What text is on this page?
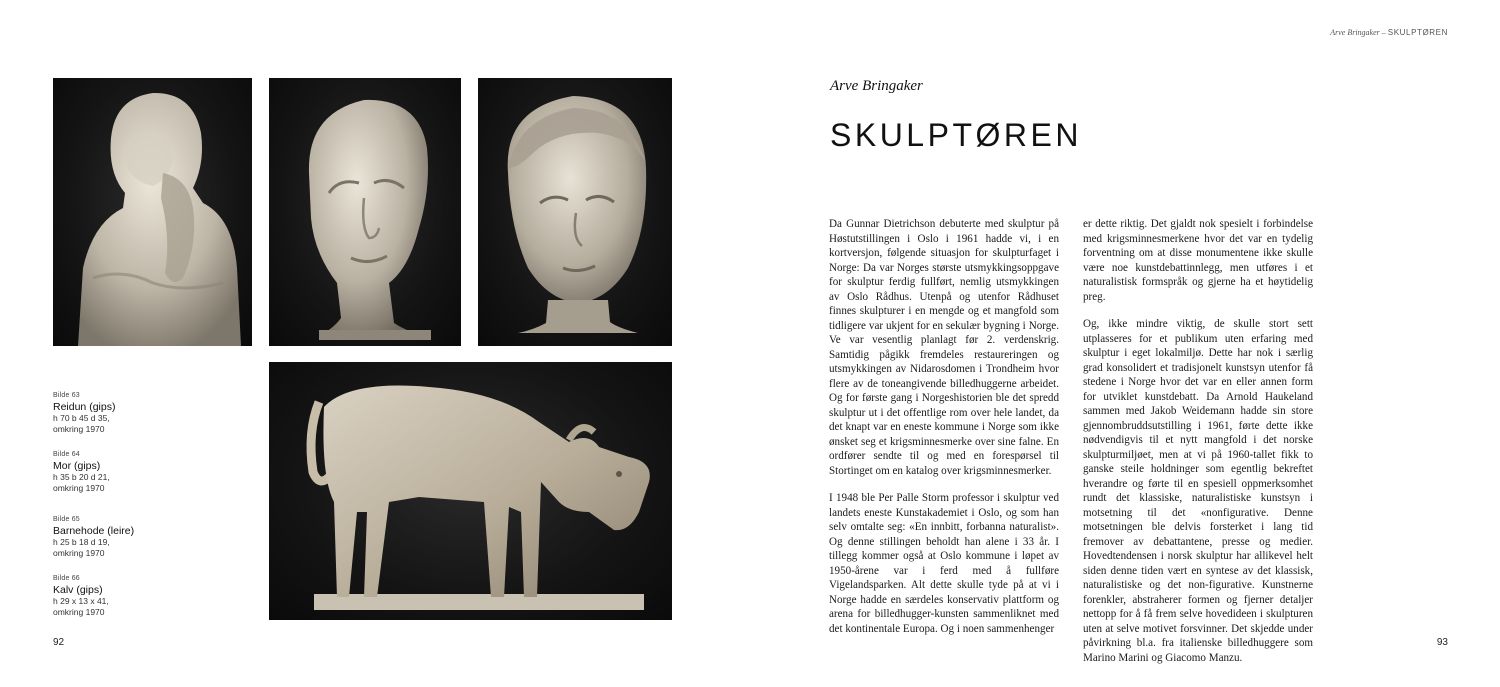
Bilde 63
Reidun (gips)
h 70 b 45 d 35,
omkring 1970
Bilde 64
Mor (gips)
h 35 b 20 d 21,
omkring 1970
Bilde 65
Barnehode (leire)
h 25 b 18 d 19,
omkring 1970
Bilde 66
Kalv (gips)
h 29 x 13 x 41,
omkring 1970
92
Arve Bringaker – SKULPTØREN
Arve Bringaker
SKULPTØREN

Da Gunnar Dietrichson debuterte med skulptur på Høstutstillingen i Oslo i 1961 hadde vi, i en kortversjon, følgende situasjon for skulpturfaget i Norge: Da var Norges største utsmykkingsoppgave for skulptur ferdig fullført, nemlig utsmykkingen av Oslo Rådhus. Utenpå og utenfor Rådhuset finnes skulpturer i en mengde og et mangfold som tidligere var ukjent for en sekulær bygning i Norge. Ve var vesentlig planlagt før 2. verdenskrig. Samtidig pågikk fremdeles restaureringen og utsmykkingen av Nidarosdomen i Trondheim hvor flere av de toneangivende billedhuggerne arbeidet. Og for første gang i Norgeshistorien ble det spredd skulptur ut i det offentlige rom over hele landet, da det knapt var en eneste kommune i Norge som ikke ønsket seg et krigsminnesmerke over sine falne. En ordfører sendte til og med en forespørsel til Stortinget om en katalog over krigsminnesmerker.

I 1948 ble Per Palle Storm professor i skulptur ved landets eneste Kunstakademiet i Oslo, og som han selv omtalte seg: «En innbitt, forbanna naturalist». Og denne stillingen beholdt han alene i 33 år. I tillegg kommer også at Oslo kommune i løpet av 1950-årene var i ferd med å fullføre Vigelandsparken. Alt dette skulle tyde på at vi i Norge hadde en særdeles konservativ plattform og arena for billedhugger-kunsten sammenliknet med det kontinentale Europa. Og i noen sammenhenger

er dette riktig. Det gjaldt nok spesielt i forbindelse med krigsminnesmerkene hvor det var en tydelig forventning om at disse monumentene ikke skulle være noe kunstdebattinnlegg, men utføres i et naturalistisk formspråk og gjerne ha et høytidelig preg.

Og, ikke mindre viktig, de skulle stort sett utplasseres for et publikum uten erfaring med skulptur i eget lokalmiljø. Dette har nok i særlig grad konsolidert et tradisjonelt kunstsyn utenfor få stedene i Norge hvor det var en eller annen form for utviklet kunstdebatt. Da Arnold Haukeland sammen med Jakob Weidemann hadde sin store gjennombruddsutstilling i 1961, førte dette ikke nødvendigvis til et nytt mangfold i det norske skulpturmiljøet, men at vi på 1960-tallet fikk to ganske steile holdninger som egentlig bekreftet hverandre og førte til en spesiell oppmerksomhet rundt det klassiske, naturalistiske kunstsyn i motsetning til det «nonfigurative. Denne motsetningen ble delvis forsterket i lang tid fremover av debattantene, presse og medier. Hovedtendensen i norsk skulptur har allikevel helt siden denne tiden vært en syntese av det klassisk, naturalistiske og det non-figurative. Kunstnerne forenkler, abstraherer formen og fjerner detaljer nettopp for å få frem selve hovedideen i skulpturen uten at selve motivet forsvinner. Det skjedde under påvirkning bl.a. fra italienske billedhuggere som Marino Marini og Giacomo Manzu.

93
